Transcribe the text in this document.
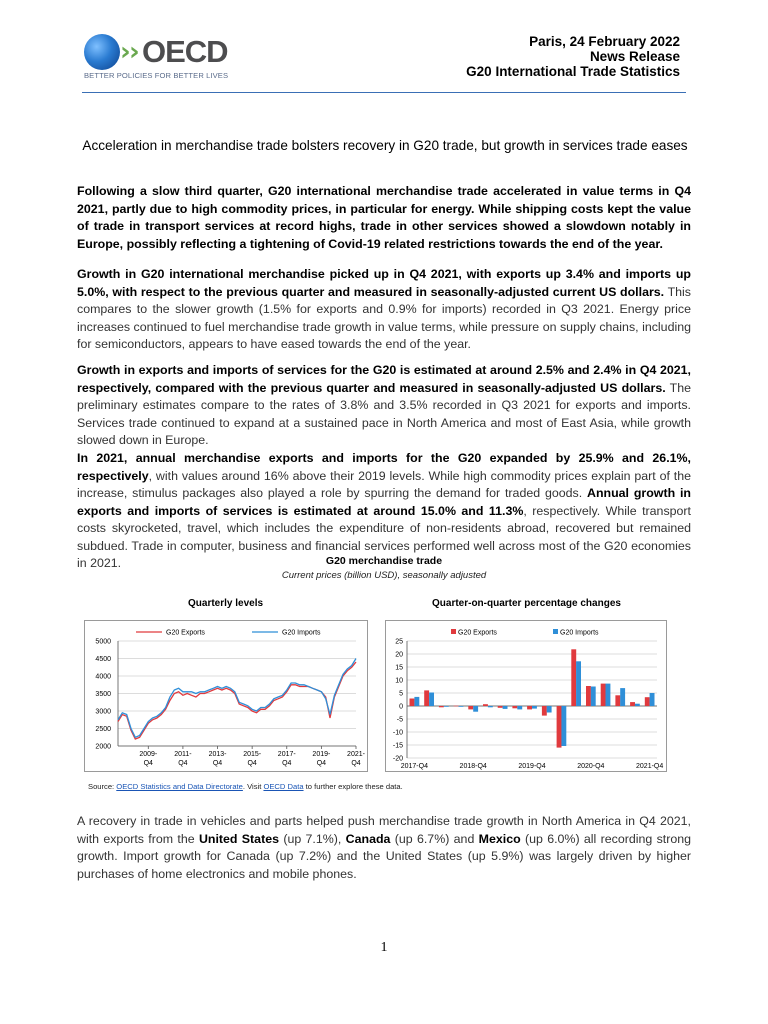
›
› OECD
BETTER POLICIES FOR BETTER LIVES
Paris, 24 February 2022
News Release
G20 International Trade Statistics
Acceleration in merchandise trade bolsters recovery in G20 trade, but growth in services trade eases
Following a slow third quarter, G20 international merchandise trade accelerated in value terms in Q4 2021, partly due to high commodity prices, in particular for energy. While shipping costs kept the value of trade in transport services at record highs, trade in other services showed a slowdown notably in Europe, possibly reflecting a tightening of Covid-19 related restrictions towards the end of the year.
Growth in G20 international merchandise picked up in Q4 2021, with exports up 3.4% and imports up 5.0%, with respect to the previous quarter and measured in seasonally-adjusted current US dollars. This compares to the slower growth (1.5% for exports and 0.9% for imports) recorded in Q3 2021. Energy price increases continued to fuel merchandise trade growth in value terms, while pressure on supply chains, including for semiconductors, appears to have eased towards the end of the year.
Growth in exports and imports of services for the G20 is estimated at around 2.5% and 2.4% in Q4 2021, respectively, compared with the previous quarter and measured in seasonally-adjusted US dollars. The preliminary estimates compare to the rates of 3.8% and 3.5% recorded in Q3 2021 for exports and imports. Services trade continued to expand at a sustained pace in North America and most of East Asia, while growth slowed down in Europe.
In 2021, annual merchandise exports and imports for the G20 expanded by 25.9% and 26.1%, respectively, with values around 16% above their 2019 levels. While high commodity prices explain part of the increase, stimulus packages also played a role by spurring the demand for traded goods. Annual growth in exports and imports of services is estimated at around 15.0% and 11.3%, respectively. While transport costs skyrocketed, travel, which includes the expenditure of non-residents abroad, recovered but remained subdued. Trade in computer, business and financial services performed well across most of the G20 economies in 2021.	G20 merchandise trade
Current prices (billion USD), seasonally adjusted
Quarterly levels	Quarter-on-quarter percentage changes
2000
2500
3000
3500
4000
4500
5000
2009-
Q4
2011-
Q4
2013-
Q4
2015-
Q4
2017-
Q4
2019-
Q4
2021-
Q4
G20 Exports	G20 Imports
-20
-15
-10
-5
0
5
10
15
20
25
G20 Exports	G20 Imports
2017-Q4	2018-Q4	2019-Q4	2020-Q4	2021-Q4
Source: OECD Statistics and Data Directorate. Visit OECD Data to further explore these data.
A recovery in trade in vehicles and parts helped push merchandise trade growth in North America in Q4 2021, with exports from the United States (up 7.1%), Canada (up 6.7%) and Mexico (up 6.0%) all recording strong growth. Import growth for Canada (up 7.2%) and the United States (up 5.9%) was largely driven by higher purchases of home electronics and mobile phones.
1
